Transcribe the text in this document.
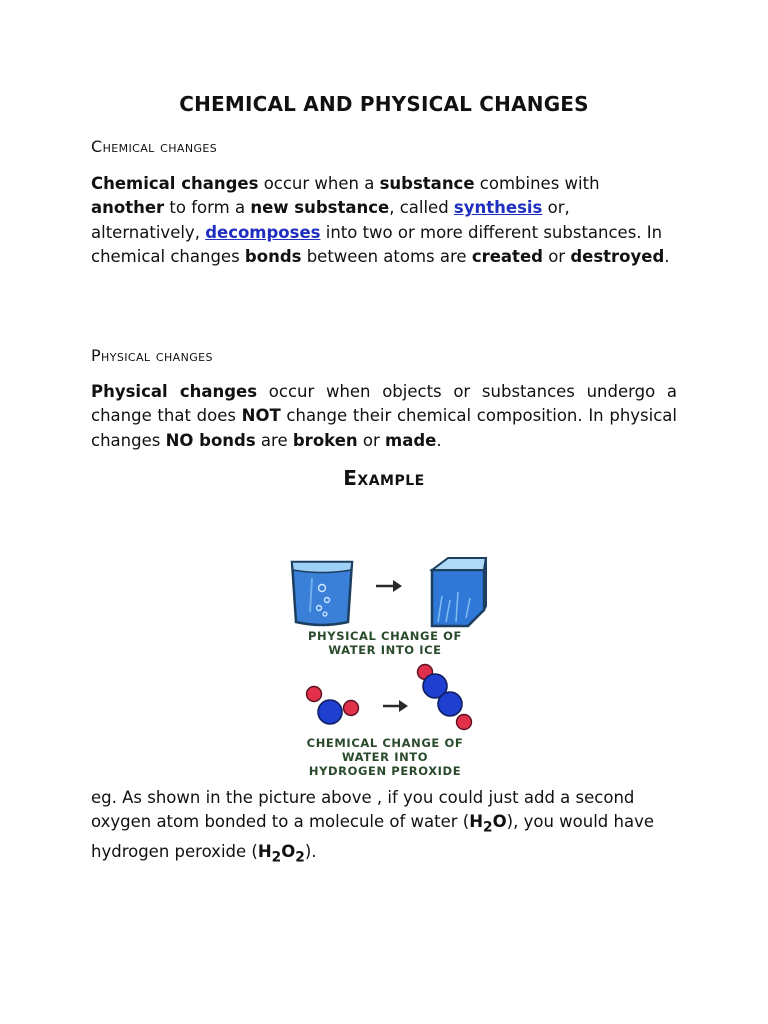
CHEMICAL AND PHYSICAL CHANGES
Chemical changes
Chemical changes occur when a substance combines with another to form a new substance, called synthesis or, alternatively, decomposes into two or more different substances. In chemical changes bonds between atoms are created or destroyed.
Physical changes
Physical changes occur when objects or substances undergo a change that does NOT change their chemical composition. In physical changes NO bonds are broken or made.
Example
PHYSICAL CHANGE OF
WATER INTO ICE
CHEMICAL CHANGE OF
WATER INTO
HYDROGEN PEROXIDE
eg. As shown in the picture above , if you could just add a second oxygen atom bonded to a molecule of water $(H_2O)$, you would have hydrogen peroxide $(H_2O_2)$.
